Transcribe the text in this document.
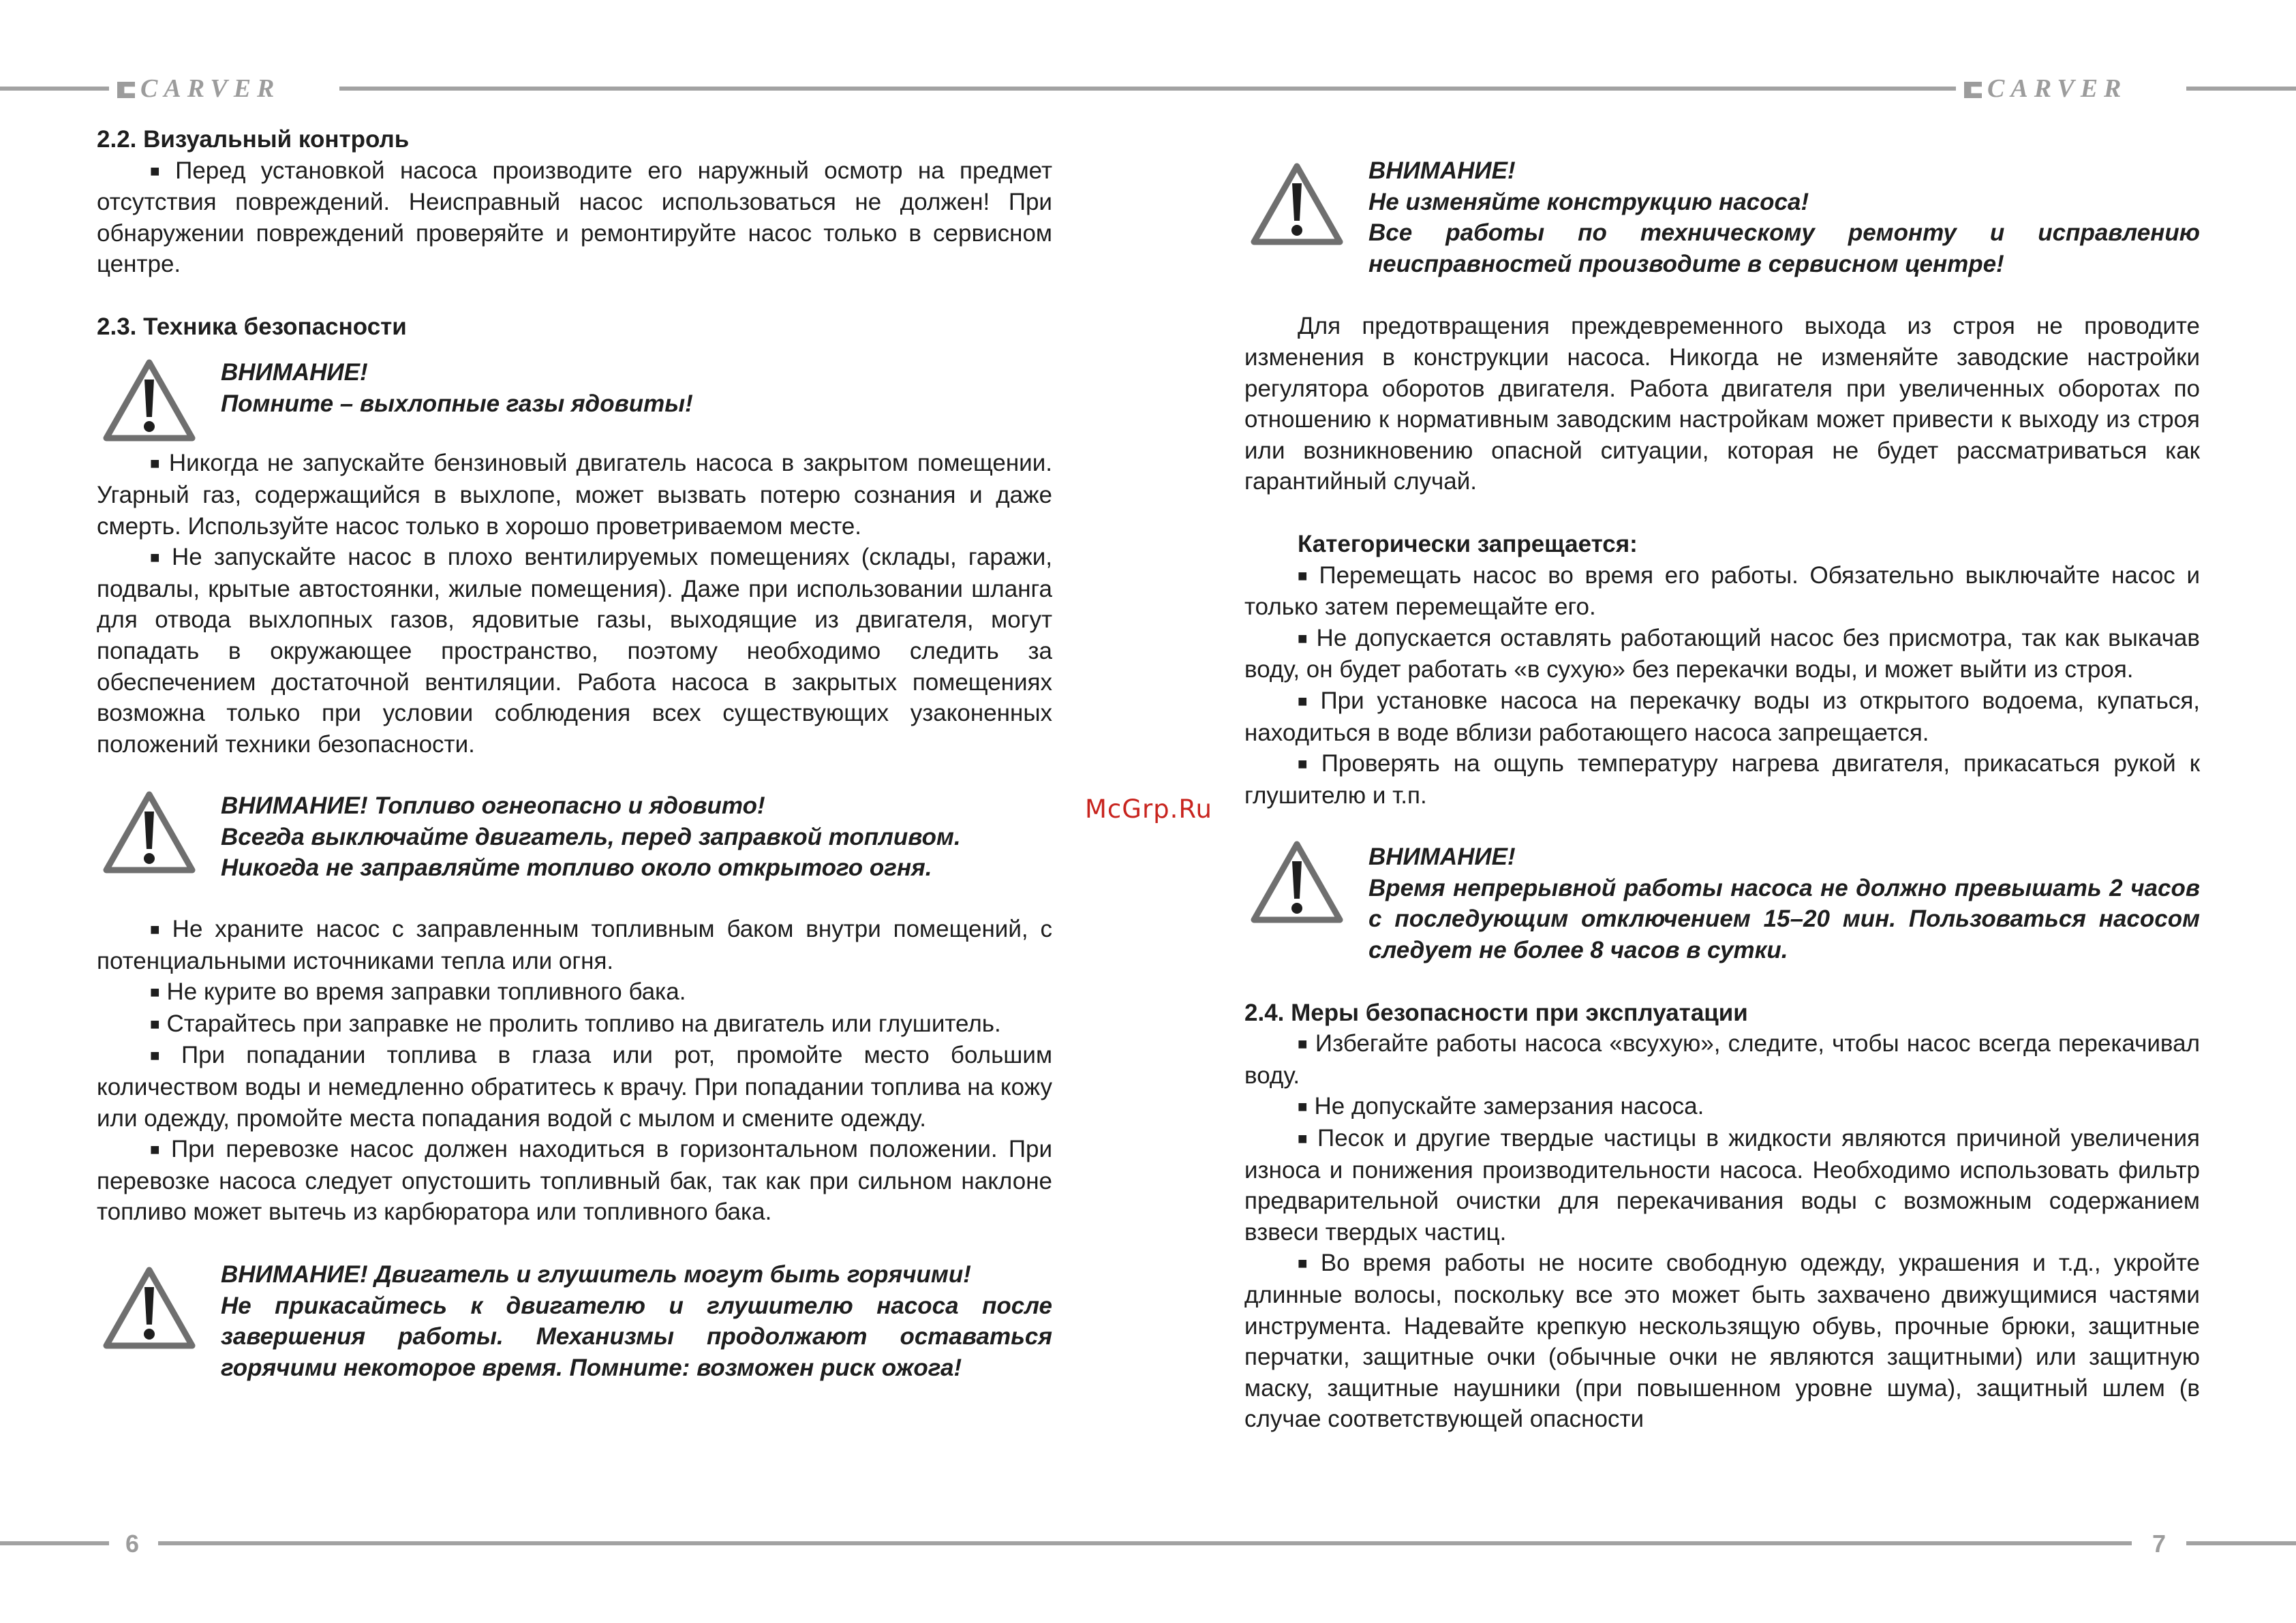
CARVER	CARVER
6	7
McGrp.Ru
2.2. Визуальный контроль

■ Перед установкой насоса производите его наружный осмотр на предмет отсутствия повреждений. Неисправный насос использоваться не должен! При обнаружении повреждений проверяйте и ремонтируйте насос только в сервисном центре.

2.3. Техника безопасности

ВНИМАНИЕ!

Помните – выхлопные газы ядовиты!

■ Никогда не запускайте бензиновый двигатель насоса в закрытом помещении. Угарный газ, содержащийся в выхлопе, может вызвать потерю сознания и даже смерть. Используйте насос только в хорошо проветриваемом месте.

■ Не запускайте насос в плохо вентилируемых помещениях (склады, гаражи, подвалы, крытые автостоянки, жилые помещения). Даже при использовании шланга для отвода выхлопных газов, ядовитые газы, выходящие из двигателя, могут попадать в окружающее пространство, поэтому необходимо следить за обеспечением достаточной вентиляции. Работа насоса в закрытых помещениях возможна только при условии соблюдения всех существующих узаконенных положений техники безопасности.

ВНИМАНИЕ! Топливо огнеопасно и ядовито!

Всегда выключайте двигатель, перед заправкой топливом.

Никогда не заправляйте топливо около открытого огня.

■ Не храните насос с заправленным топливным баком внутри помещений, с потенциальными источниками тепла или огня.

■ Не курите во время заправки топливного бака.

■ Старайтесь при заправке не пролить топливо на двигатель или глушитель.

■ При попадании топлива в глаза или рот, промойте место большим количеством воды и немедленно обратитесь к врачу. При попадании топлива на кожу или одежду, промойте места попадания водой с мылом и смените одежду.

■ При перевозке насос должен находиться в горизонтальном положении. При перевозке насоса следует опустошить топливный бак, так как при сильном наклоне топливо может вытечь из карбюратора или топливного бака.

ВНИМАНИЕ! Двигатель и глушитель могут быть горячими!

Не прикасайтесь к двигателю и глушителю насоса после завершения работы. Механизмы продолжают оставаться горячими некоторое время. Помните: возможен риск ожога!

ВНИМАНИЕ!

Не изменяйте конструкцию насоса!

Все работы по техническому ремонту и исправлению неисправностей производите в сервисном центре!

Для предотвращения преждевременного выхода из строя не проводите изменения в конструкции насоса. Никогда не изменяйте заводские настройки регулятора оборотов двигателя. Работа двигателя при увеличенных оборотах по отношению к нормативным заводским настройкам может привести к выходу из строя или возникновению опасной ситуации, которая не будет рассматриваться как гарантийный случай.

Категорически запрещается:

■ Перемещать насос во время его работы. Обязательно выключайте насос и только затем перемещайте его.

■ Не допускается оставлять работающий насос без присмотра, так как выкачав воду, он будет работать «в сухую» без перекачки воды, и может выйти из строя.

■ При установке насоса на перекачку воды из открытого водоема, купаться, находиться в воде вблизи работающего насоса запрещается.

■ Проверять на ощупь температуру нагрева двигателя, прикасаться рукой к глушителю и т.п.

ВНИМАНИЕ!

Время непрерывной работы насоса не должно превышать 2 часов с последующим отключением 15–20 мин. Пользоваться насосом следует не более 8 часов в сутки.

2.4. Меры безопасности при эксплуатации

■ Избегайте работы насоса «всухую», следите, чтобы насос всегда перекачивал воду.

■ Не допускайте замерзания насоса.

■ Песок и другие твердые частицы в жидкости являются причиной увеличения износа и понижения производительности насоса. Необходимо использовать фильтр предварительной очистки для перекачивания воды с возможным содержанием взвеси твердых частиц.

■ Во время работы не носите свободную одежду, украшения и т.д., укройте длинные волосы, поскольку все это может быть захвачено движущимися частями инструмента. Надевайте крепкую нескользящую обувь, прочные брюки, защитные перчатки, защитные очки (обычные очки не являются защитными) или защитную маску, защитные наушники (при повышенном уровне шума), защитный шлем (в случае соответствующей опасности
